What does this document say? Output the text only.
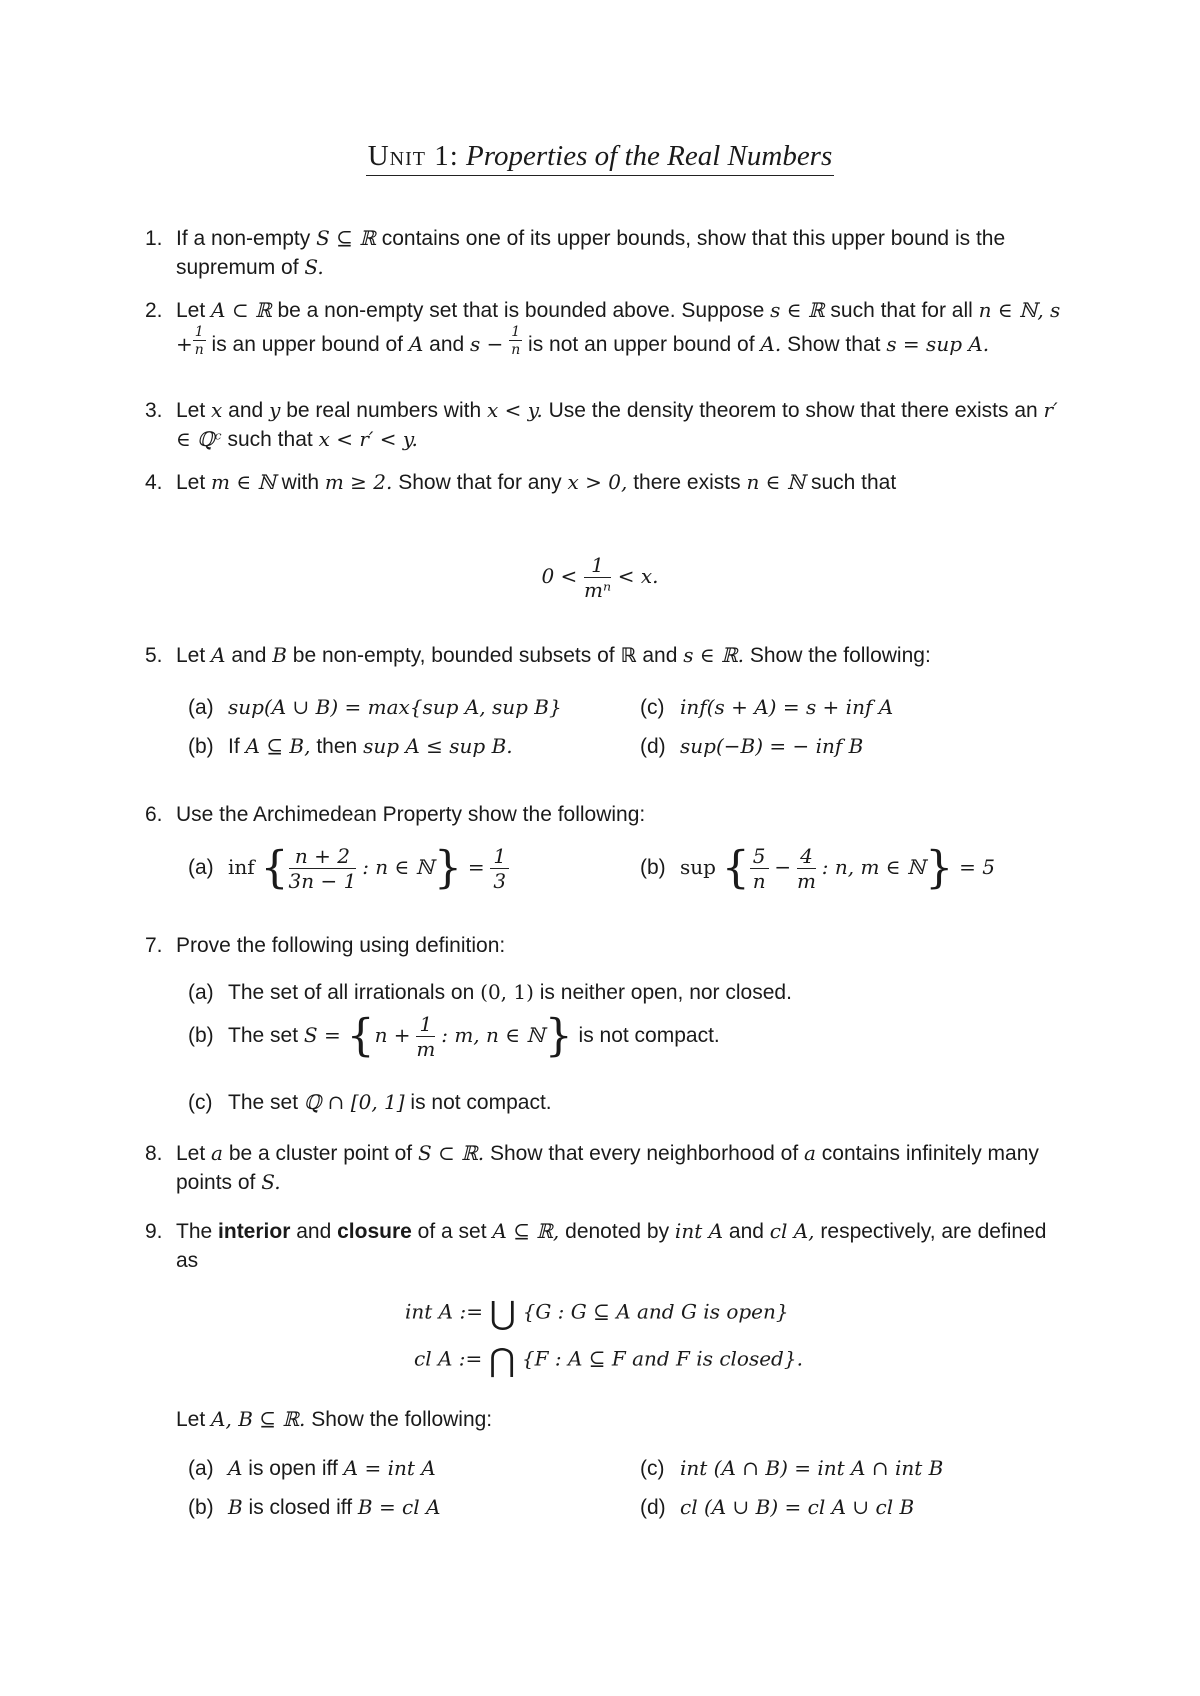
Unit 1: Properties of the Real Numbers
1. If a non-empty S ⊆ ℝ contains one of its upper bounds, show that this upper bound is the supremum of S.
2. Let A ⊂ ℝ be a non-empty set that is bounded above. Suppose s ∈ ℝ such that for all n ∈ ℕ, $s + \frac{1}{n}$ is an upper bound of A and $s - \frac{1}{n}$ is not an upper bound of A. Show that s = sup A.
3. Let x and y be real numbers with x < y. Use the density theorem to show that there exists an r′ ∈ ℚᶜ such that x < r′ < y.
4. Let m ∈ ℕ with m ≥ 2. Show that for any x > 0, there exists n ∈ ℕ such that
$0 < \frac{1}{\text{mⁿ}} < x$.
5. Let A and B be non-empty, bounded subsets of ℝ and s ∈ ℝ. Show the following:
(a) sup(A ∪ B) = max{sup A, sup B}
(b) If A ⊆ B, then sup A ≤ sup B.
(c) inf(s + A) = s + inf A
(d) sup(−B) = − inf B
6. Use the Archimedean Property show the following:
(a) inf { $\frac{n + 2}{3n - 1}$ : n ∈ ℕ} = $\frac{1}{3}$	(b) sup { $\frac{5}{n} - \frac{4}{m}$ : n, m ∈ ℕ} = 5
7. Prove the following using definition:
(a) The set of all irrationals on (0, 1) is neither open, nor closed.
(b) The set $S = \{n + \frac{1}{m}$ : m, n ∈ ℕ} is not compact.
(c) The set ℚ ∩ [0, 1] is not compact.
8. Let a be a cluster point of S ⊂ ℝ. Show that every neighborhood of a contains infinitely many points of S.
9. The interior and closure of a set A ⊆ ℝ, denoted by int A and cl A, respectively, are defined as
int A := ⋃ {G : G ⊆ A and G is open}
cl A := ⋂ {F : A ⊆ F and F is closed}.
Let A, B ⊆ ℝ. Show the following:
(a) A is open iff A = int A
(b) B is closed iff B = cl A
(c) int (A ∩ B) = int A ∩ int B
(d) cl (A ∪ B) = cl A ∪ cl B
